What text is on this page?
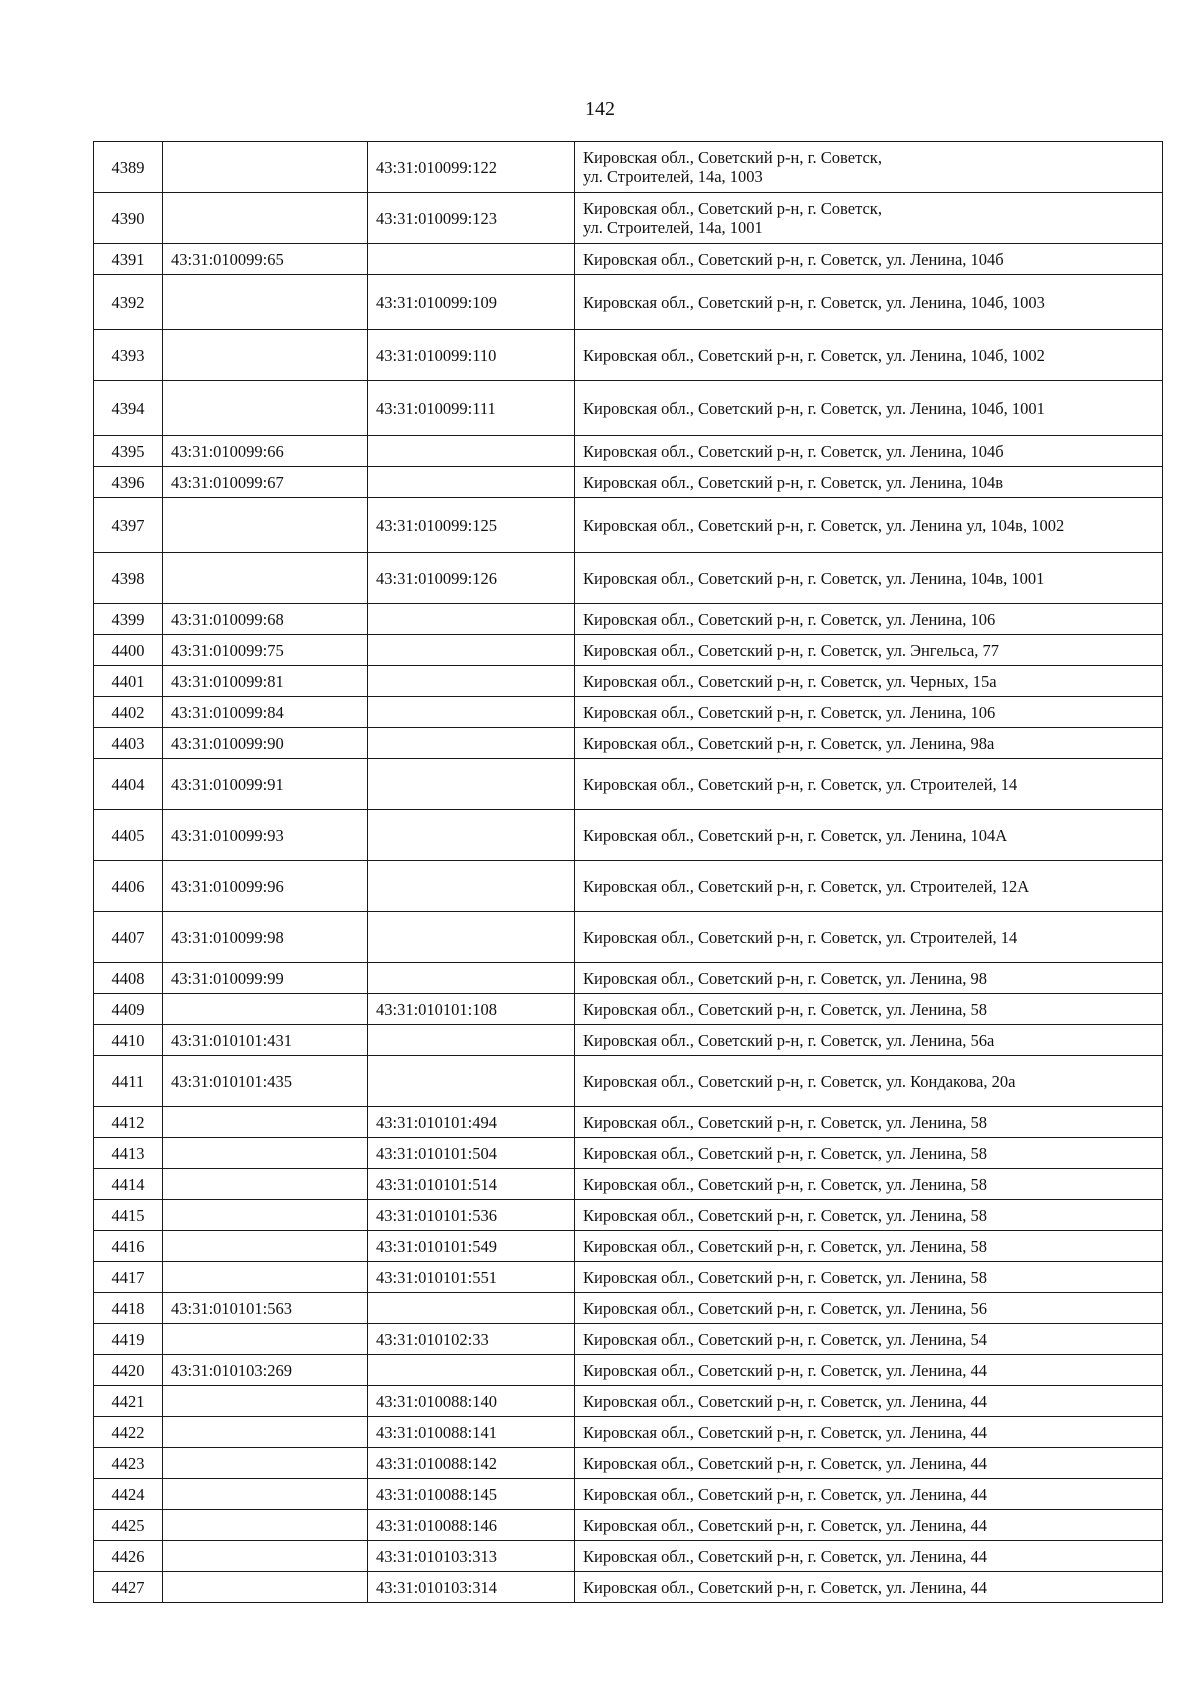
142
4389		43:31:010099:122	Кировская обл., Советский р-н, г. Советск,
ул. Строителей, 14а, 1003

4390		43:31:010099:123	Кировская обл., Советский р-н, г. Советск,
ул. Строителей, 14а, 1001

4391	43:31:010099:65		Кировская обл., Советский р-н, г. Советск, ул. Ленина, 104б
4392		43:31:010099:109	Кировская обл., Советский р-н, г. Советск, ул. Ленина, 104б, 1003
4393		43:31:010099:110	Кировская обл., Советский р-н, г. Советск, ул. Ленина, 104б, 1002
4394		43:31:010099:111	Кировская обл., Советский р-н, г. Советск, ул. Ленина, 104б, 1001
4395	43:31:010099:66		Кировская обл., Советский р-н, г. Советск, ул. Ленина, 104б
4396	43:31:010099:67		Кировская обл., Советский р-н, г. Советск, ул. Ленина, 104в
4397		43:31:010099:125	Кировская обл., Советский р-н, г. Советск, ул. Ленина ул, 104в, 1002
4398		43:31:010099:126	Кировская обл., Советский р-н, г. Советск, ул. Ленина, 104в, 1001
4399	43:31:010099:68		Кировская обл., Советский р-н, г. Советск, ул. Ленина, 106
4400	43:31:010099:75		Кировская обл., Советский р-н, г. Советск, ул. Энгельса, 77
4401	43:31:010099:81		Кировская обл., Советский р-н, г. Советск, ул. Черных, 15а
4402	43:31:010099:84		Кировская обл., Советский р-н, г. Советск, ул. Ленина, 106
4403	43:31:010099:90		Кировская обл., Советский р-н, г. Советск, ул. Ленина, 98а
4404	43:31:010099:91		Кировская обл., Советский р-н, г. Советск, ул. Строителей, 14
4405	43:31:010099:93		Кировская обл., Советский р-н, г. Советск, ул. Ленина, 104А
4406	43:31:010099:96		Кировская обл., Советский р-н, г. Советск, ул. Строителей, 12А
4407	43:31:010099:98		Кировская обл., Советский р-н, г. Советск, ул. Строителей, 14
4408	43:31:010099:99		Кировская обл., Советский р-н, г. Советск, ул. Ленина, 98
4409		43:31:010101:108	Кировская обл., Советский р-н, г. Советск, ул. Ленина, 58
4410	43:31:010101:431		Кировская обл., Советский р-н, г. Советск, ул. Ленина, 56а
4411	43:31:010101:435		Кировская обл., Советский р-н, г. Советск, ул. Кондакова, 20а
4412		43:31:010101:494	Кировская обл., Советский р-н, г. Советск, ул. Ленина, 58
4413		43:31:010101:504	Кировская обл., Советский р-н, г. Советск, ул. Ленина, 58
4414		43:31:010101:514	Кировская обл., Советский р-н, г. Советск, ул. Ленина, 58
4415		43:31:010101:536	Кировская обл., Советский р-н, г. Советск, ул. Ленина, 58
4416		43:31:010101:549	Кировская обл., Советский р-н, г. Советск, ул. Ленина, 58
4417		43:31:010101:551	Кировская обл., Советский р-н, г. Советск, ул. Ленина, 58
4418	43:31:010101:563		Кировская обл., Советский р-н, г. Советск, ул. Ленина, 56
4419		43:31:010102:33	Кировская обл., Советский р-н, г. Советск, ул. Ленина, 54
4420	43:31:010103:269		Кировская обл., Советский р-н, г. Советск, ул. Ленина, 44
4421		43:31:010088:140	Кировская обл., Советский р-н, г. Советск, ул. Ленина, 44
4422		43:31:010088:141	Кировская обл., Советский р-н, г. Советск, ул. Ленина, 44
4423		43:31:010088:142	Кировская обл., Советский р-н, г. Советск, ул. Ленина, 44
4424		43:31:010088:145	Кировская обл., Советский р-н, г. Советск, ул. Ленина, 44
4425		43:31:010088:146	Кировская обл., Советский р-н, г. Советск, ул. Ленина, 44
4426		43:31:010103:313	Кировская обл., Советский р-н, г. Советск, ул. Ленина, 44
4427		43:31:010103:314	Кировская обл., Советский р-н, г. Советск, ул. Ленина, 44
